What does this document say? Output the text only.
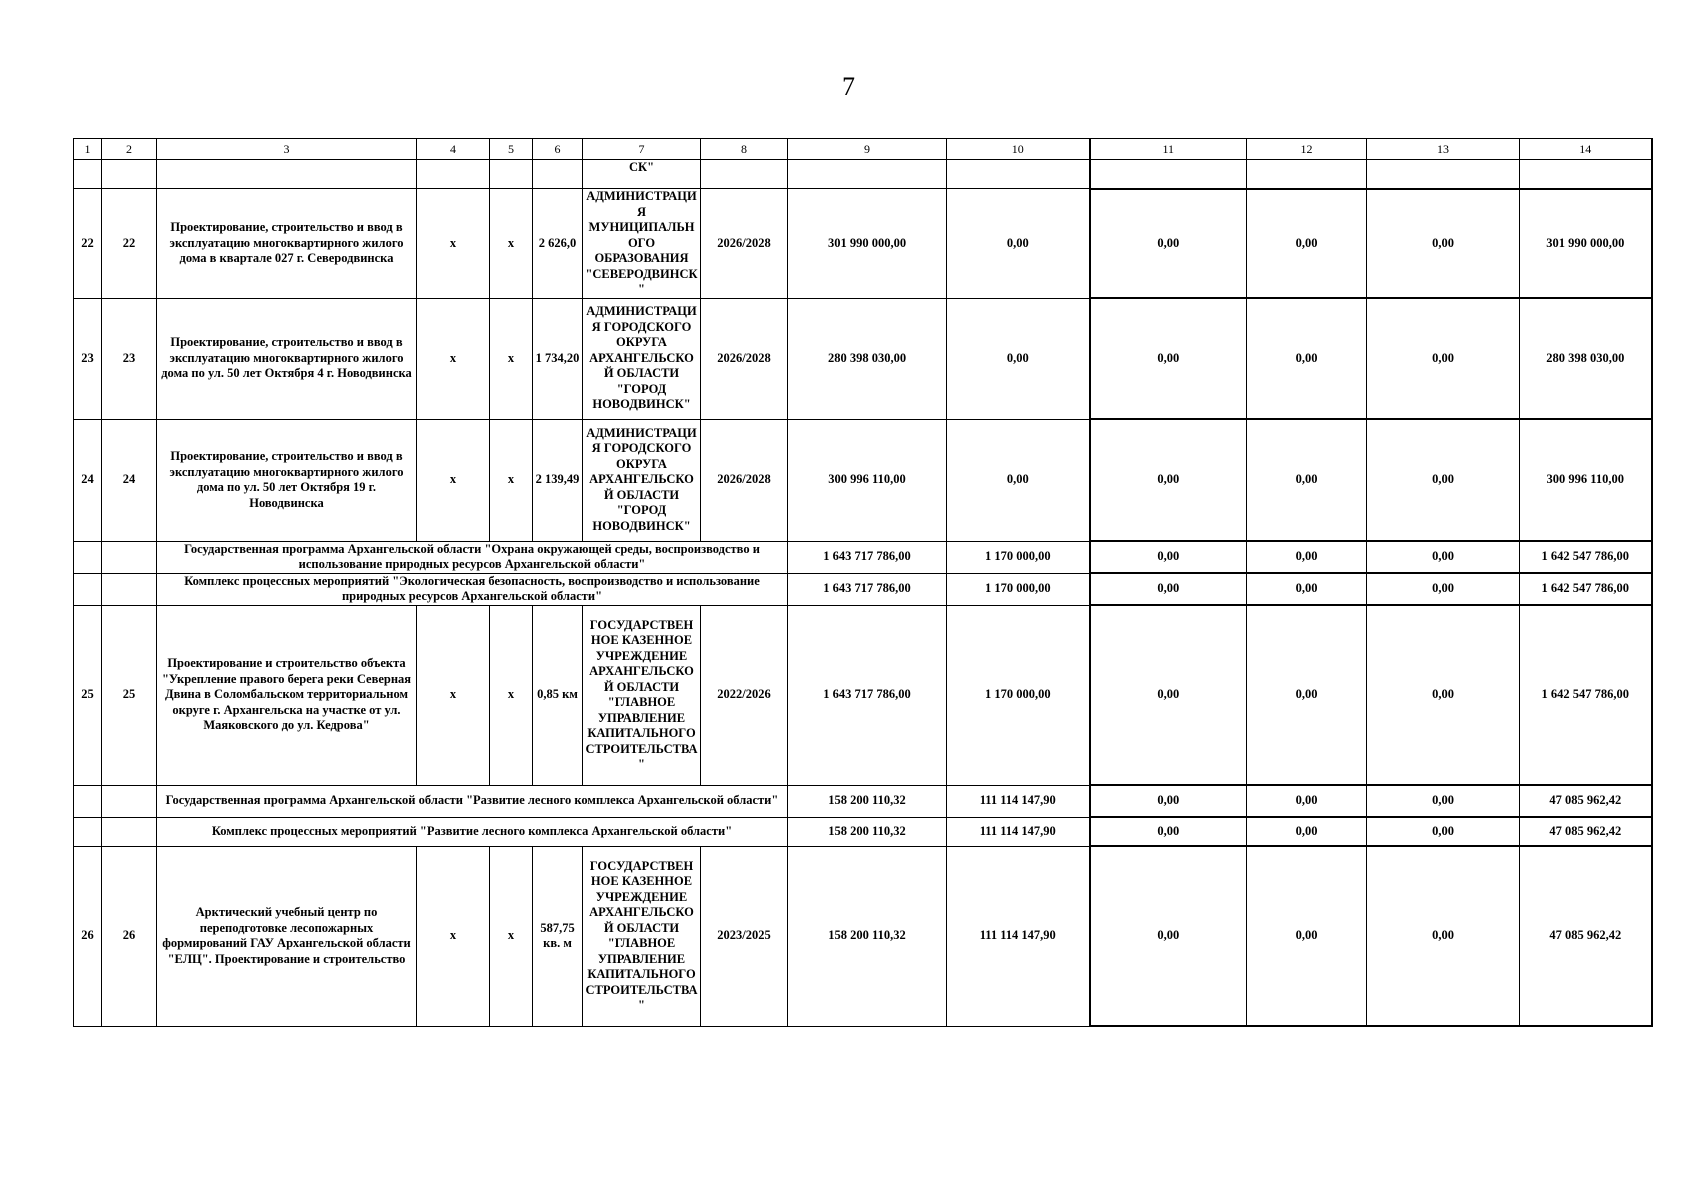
7
1	2	3	4	5	6	7	8	9	10	11	12	13	14
						СК"							
22	22	Проектирование, строительство и ввод в эксплуатацию многоквартирного жилого дома в квартале 027 г. Северодвинска	х	х	2 626,0	АДМИНИСТРАЦИЯ МУНИЦИПАЛЬНОГО ОБРАЗОВАНИЯ "СЕВЕРОДВИНСК"	2026/2028	301 990 000,00	0,00	0,00	0,00	0,00	301 990 000,00
23	23	Проектирование, строительство и ввод в эксплуатацию многоквартирного жилого дома по ул. 50 лет Октября 4 г. Новодвинска	х	х	1 734,20	АДМИНИСТРАЦИЯ ГОРОДСКОГО ОКРУГА АРХАНГЕЛЬСКОЙ ОБЛАСТИ "ГОРОД НОВОДВИНСК"	2026/2028	280 398 030,00	0,00	0,00	0,00	0,00	280 398 030,00
24	24	Проектирование, строительство и ввод в эксплуатацию многоквартирного жилого дома по ул. 50 лет Октября 19 г. Новодвинска	х	х	2 139,49	АДМИНИСТРАЦИЯ ГОРОДСКОГО ОКРУГА АРХАНГЕЛЬСКОЙ ОБЛАСТИ "ГОРОД НОВОДВИНСК"	2026/2028	300 996 110,00	0,00	0,00	0,00	0,00	300 996 110,00
		Государственная программа Архангельской области "Охрана окружающей среды, воспроизводство и использование природных ресурсов Архангельской области"						1 643 717 786,00	1 170 000,00	0,00	0,00	0,00	1 642 547 786,00
		Комплекс процессных мероприятий "Экологическая безопасность, воспроизводство и использование природных ресурсов Архангельской области"						1 643 717 786,00	1 170 000,00	0,00	0,00	0,00	1 642 547 786,00
25	25	Проектирование и строительство объекта "Укрепление правого берега реки Северная Двина в Соломбальском территориальном округе г. Архангельска на участке от ул. Маяковского до ул. Кедрова"	х	х	0,85 км	ГОСУДАРСТВЕННОЕ КАЗЕННОЕ УЧРЕЖДЕНИЕ АРХАНГЕЛЬСКОЙ ОБЛАСТИ "ГЛАВНОЕ УПРАВЛЕНИЕ КАПИТАЛЬНОГО СТРОИТЕЛЬСТВА"	2022/2026	1 643 717 786,00	1 170 000,00	0,00	0,00	0,00	1 642 547 786,00
		Государственная программа Архангельской области "Развитие лесного комплекса Архангельской области"						158 200 110,32	111 114 147,90	0,00	0,00	0,00	47 085 962,42
		Комплекс процессных мероприятий "Развитие лесного комплекса Архангельской области"						158 200 110,32	111 114 147,90	0,00	0,00	0,00	47 085 962,42
26	26	Арктический учебный центр по переподготовке лесопожарных формирований ГАУ Архангельской области "ЕЛЦ". Проектирование и строительство	х	х	587,75 кв. м	ГОСУДАРСТВЕННОЕ КАЗЕННОЕ УЧРЕЖДЕНИЕ АРХАНГЕЛЬСКОЙ ОБЛАСТИ "ГЛАВНОЕ УПРАВЛЕНИЕ КАПИТАЛЬНОГО СТРОИТЕЛЬСТВА"	2023/2025	158 200 110,32	111 114 147,90	0,00	0,00	0,00	47 085 962,42
